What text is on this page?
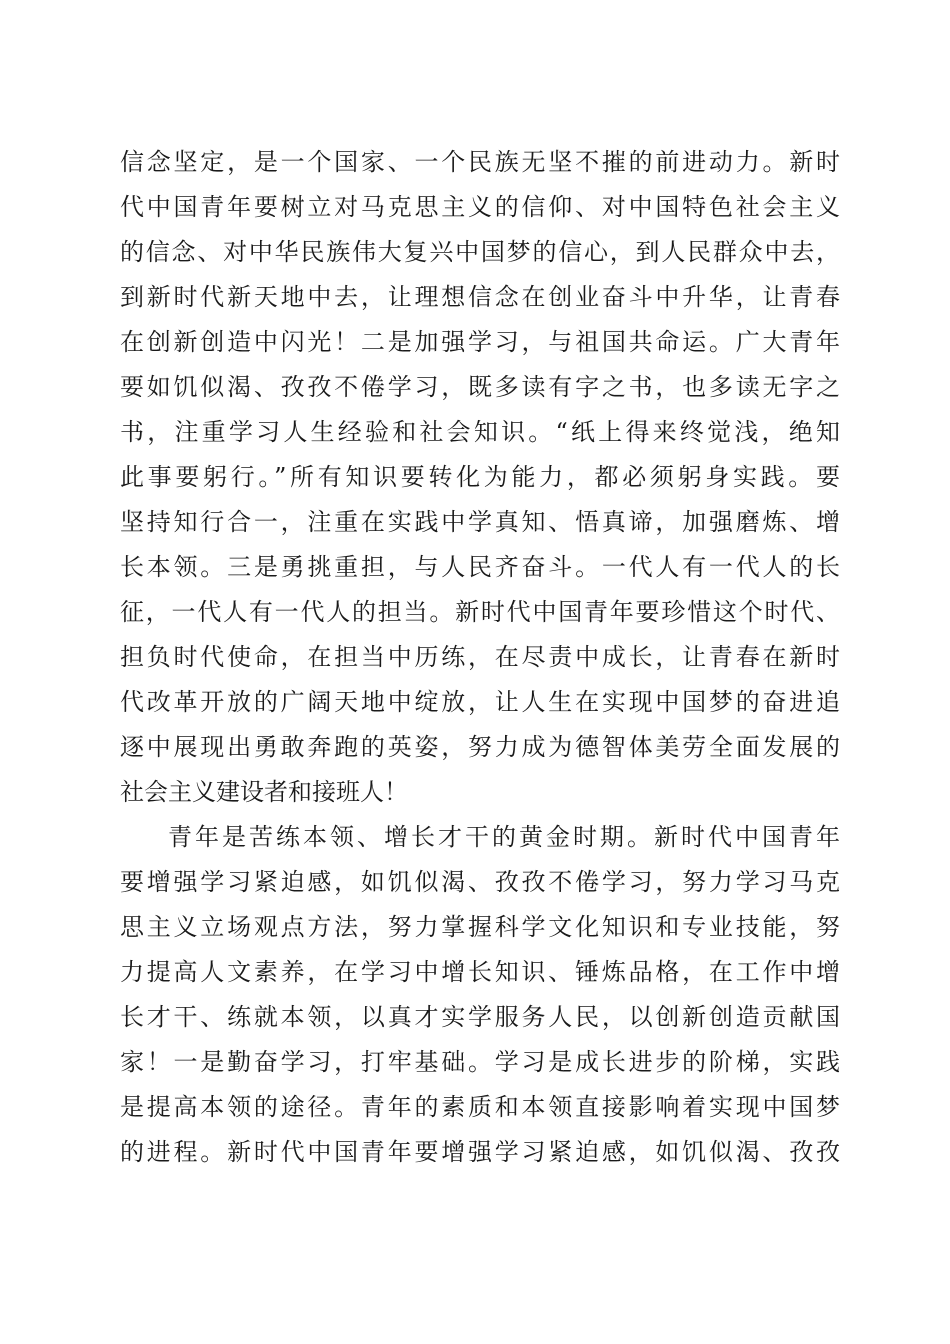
信念坚定，是一个国家、一个民族无坚不摧的前进动力。新时
代中国青年要树立对马克思主义的信仰、对中国特色社会主义
的信念、对中华民族伟大复兴中国梦的信心，到人民群众中去，
到新时代新天地中去，让理想信念在创业奋斗中升华，让青春
在创新创造中闪光！二是加强学习，与祖国共命运。广大青年
要如饥似渴、孜孜不倦学习，既多读有字之书，也多读无字之
书，注重学习人生经验和社会知识。“纸上得来终觉浅，绝知
此事要躬行。”所有知识要转化为能力，都必须躬身实践。要
坚持知行合一，注重在实践中学真知、悟真谛，加强磨炼、增
长本领。三是勇挑重担，与人民齐奋斗。一代人有一代人的长
征，一代人有一代人的担当。新时代中国青年要珍惜这个时代、
担负时代使命，在担当中历练，在尽责中成长，让青春在新时
代改革开放的广阔天地中绽放，让人生在实现中国梦的奋进追
逐中展现出勇敢奔跑的英姿，努力成为德智体美劳全面发展的
社会主义建设者和接班人！
青年是苦练本领、增长才干的黄金时期。新时代中国青年
要增强学习紧迫感，如饥似渴、孜孜不倦学习，努力学习马克
思主义立场观点方法，努力掌握科学文化知识和专业技能，努
力提高人文素养，在学习中增长知识、锤炼品格，在工作中增
长才干、练就本领，以真才实学服务人民，以创新创造贡献国
家！一是勤奋学习，打牢基础。学习是成长进步的阶梯，实践
是提高本领的途径。青年的素质和本领直接影响着实现中国梦
的进程。新时代中国青年要增强学习紧迫感，如饥似渴、孜孜
